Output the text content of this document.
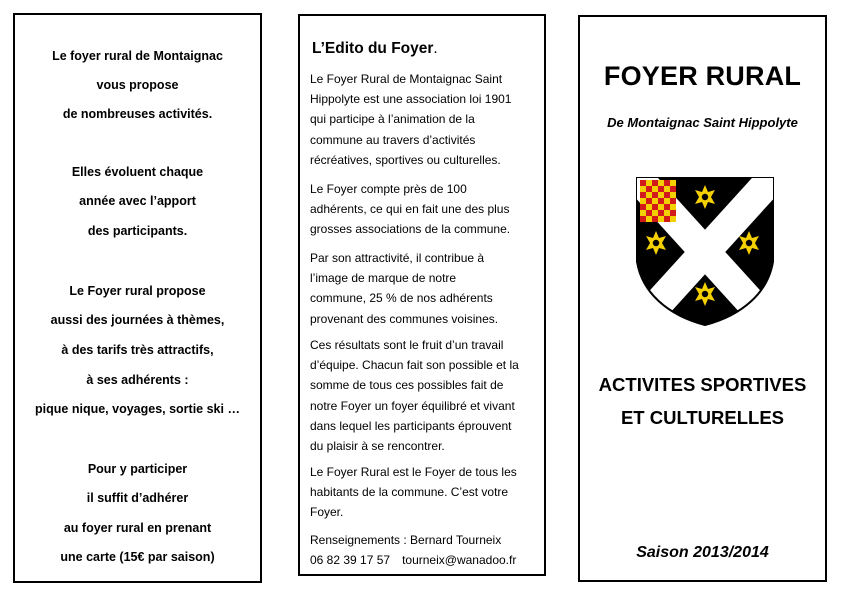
Le foyer rural de Montaignac
vous propose
de nombreuses activités.
Elles évoluent chaque
année avec l’apport
des participants.
Le Foyer rural propose
aussi des journées à thèmes,
à des tarifs très attractifs,
à ses adhérents :
pique nique, voyages, sortie ski …
Pour y participer
il suffit d’adhérer
au foyer rural en prenant
une carte (15€ par saison)
L’Edito du Foyer.
Le Foyer Rural de Montaignac Saint
Hippolyte est une association loi 1901
qui participe à l’animation de la
commune au travers d’activités
récréatives, sportives ou culturelles.
Le Foyer compte près de 100
adhérents, ce qui en fait une des plus
grosses associations de la commune.
Par son attractivité, il contribue à
l’image de marque de notre
commune, 25 % de nos adhérents
provenant des communes voisines.
Ces résultats sont le fruit d’un travail
d’équipe. Chacun fait son possible et la
somme de tous ces possibles fait de
notre Foyer un foyer équilibré et vivant
dans lequel les participants éprouvent
du plaisir à se rencontrer.
Le Foyer Rural est le Foyer de tous les
habitants de la commune. C’est votre
Foyer.
Renseignements : Bernard Tourneix
06 82 39 17 57 tourneix@wanadoo.fr
FOYER RURAL
De Montaignac Saint Hippolyte
ACTIVITES SPORTIVES
ET CULTURELLES
Saison 2013/2014
